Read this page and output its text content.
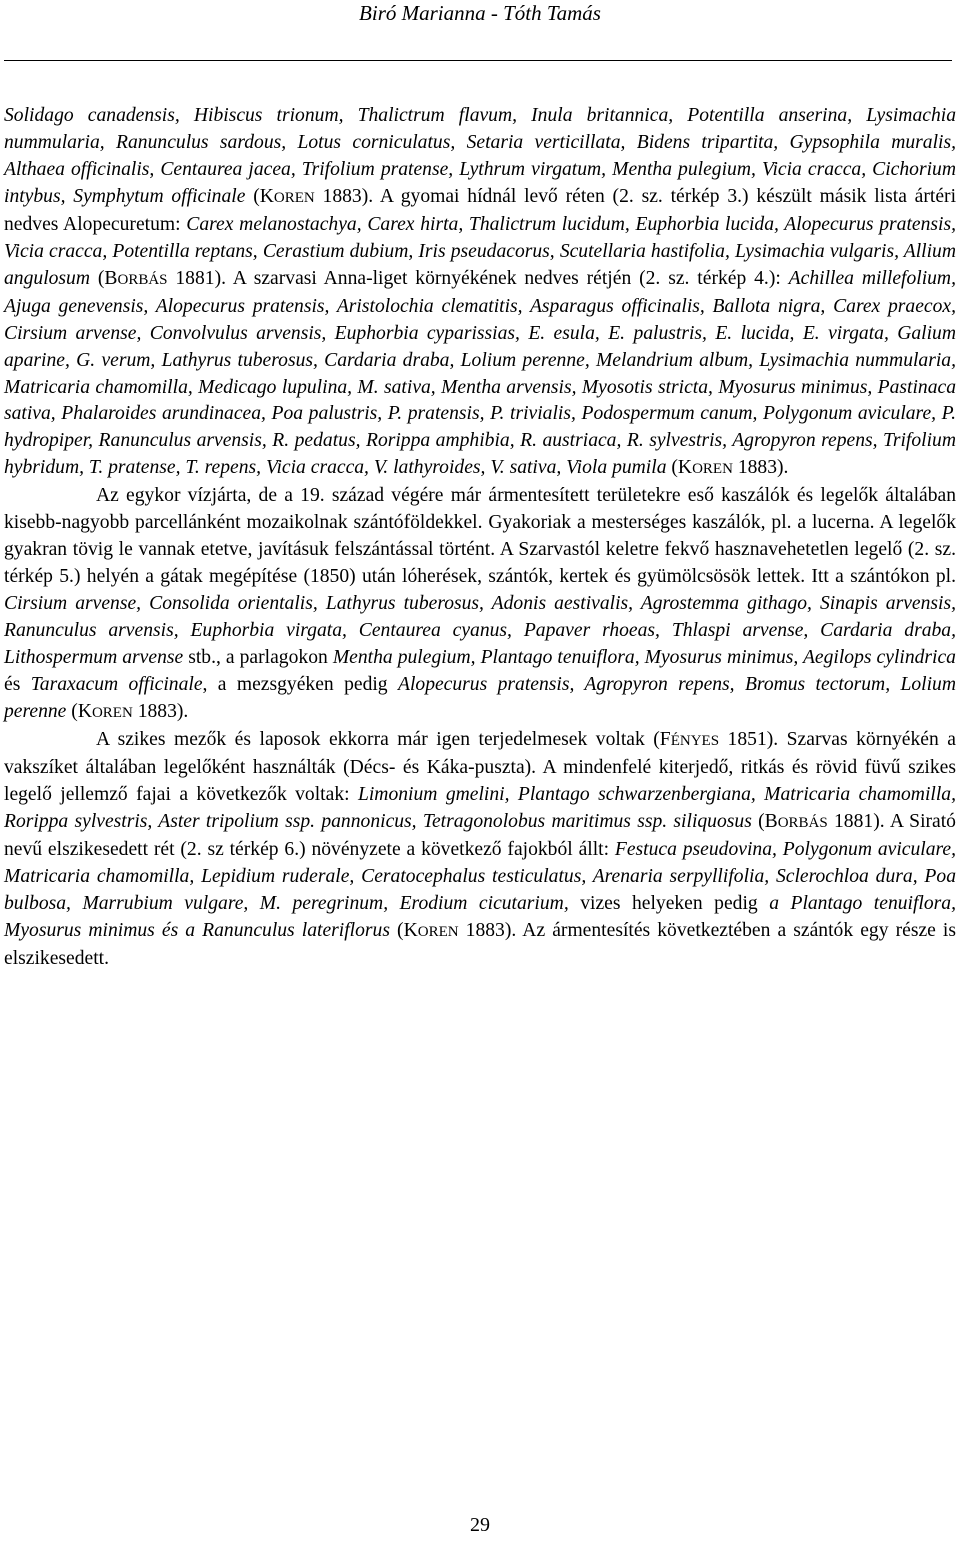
Biró Marianna - Tóth Tamás

Solidago canadensis, Hibiscus trionum, Thalictrum flavum, Inula britannica, Potentilla anserina, Lysimachia nummularia, Ranunculus sardous, Lotus corniculatus, Setaria verticillata, Bidens tripartita, Gypsophila muralis, Althaea officinalis, Centaurea jacea, Trifolium pratense, Lythrum virgatum, Mentha pulegium, Vicia cracca, Cichorium intybus, Symphytum officinale (KOREN 1883). A gyomai hídnál levő réten (2. sz. térkép 3.) készült másik lista ártéri nedves Alopecuretum: Carex melanostachya, Carex hirta, Thalictrum lucidum, Euphorbia lucida, Alopecurus pratensis, Vicia cracca, Potentilla reptans, Cerastium dubium, Iris pseudacorus, Scutellaria hastifolia, Lysimachia vulgaris, Allium angulosum (BORBÁS 1881). A szarvasi Anna-liget környékének nedves rétjén (2. sz. térkép 4.): Achillea millefolium, Ajuga genevensis, Alopecurus pratensis, Aristolochia clematitis, Asparagus officinalis, Ballota nigra, Carex praecox, Cirsium arvense, Convolvulus arvensis, Euphorbia cyparissias, E. esula, E. palustris, E. lucida, E. virgata, Galium aparine, G. verum, Lathyrus tuberosus, Cardaria draba, Lolium perenne, Melandrium album, Lysimachia nummularia, Matricaria chamomilla, Medicago lupulina, M. sativa, Mentha arvensis, Myosotis stricta, Myosurus minimus, Pastinaca sativa, Phalaroides arundinacea, Poa palustris, P. pratensis, P. trivialis, Podospermum canum, Polygonum aviculare, P. hydropiper, Ranunculus arvensis, R. pedatus, Rorippa amphibia, R. austriaca, R. sylvestris, Agropyron repens, Trifolium hybridum, T. pratense, T. repens, Vicia cracca, V. lathyroides, V. sativa, Viola pumila (KOREN 1883).

Az egykor vízjárta, de a 19. század végére már ármentesített területekre eső kaszálók és legelők általában kisebb-nagyobb parcellánként mozaikolnak szántóföldekkel. Gyakoriak a mesterséges kaszálók, pl. a lucerna. A legelők gyakran tövig le vannak etetve, javításuk felszántással történt. A Szarvastól keletre fekvő hasznavehetetlen legelő (2. sz. térkép 5.) helyén a gátak megépítése (1850) után lóherések, szántók, kertek és gyümölcsösök lettek. Itt a szántókon pl. Cirsium arvense, Consolida orientalis, Lathyrus tuberosus, Adonis aestivalis, Agrostemma githago, Sinapis arvensis, Ranunculus arvensis, Euphorbia virgata, Centaurea cyanus, Papaver rhoeas, Thlaspi arvense, Cardaria draba, Lithospermum arvense stb., a parlagokon Mentha pulegium, Plantago tenuiflora, Myosurus minimus, Aegilops cylindrica és Taraxacum officinale, a mezsgyéken pedig Alopecurus pratensis, Agropyron repens, Bromus tectorum, Lolium perenne (KOREN 1883).

A szikes mezők és laposok ekkorra már igen terjedelmesek voltak (FÉNYES 1851). Szarvas környékén a vakszíket általában legelőként használták (Décs- és Káka-puszta). A mindenfelé kiterjedő, ritkás és rövid füvű szikes legelő jellemző fajai a következők voltak: Limonium gmelini, Plantago schwarzenbergiana, Matricaria chamomilla, Rorippa sylvestris, Aster tripolium ssp. pannonicus, Tetragonolobus maritimus ssp. siliquosus (BORBÁS 1881). A Sirató nevű elszikesedett rét (2. sz térkép 6.) növényzete a következő fajokból állt: Festuca pseudovina, Polygonum aviculare, Matricaria chamomilla, Lepidium ruderale, Ceratocephalus testiculatus, Arenaria serpyllifolia, Sclerochloa dura, Poa bulbosa, Marrubium vulgare, M. peregrinum, Erodium cicutarium, vizes helyeken pedig a Plantago tenuiflora, Myosurus minimus és a Ranunculus lateriflorus (KOREN 1883). Az ármentesítés következtében a szántók egy része is elszikesedett.

29
